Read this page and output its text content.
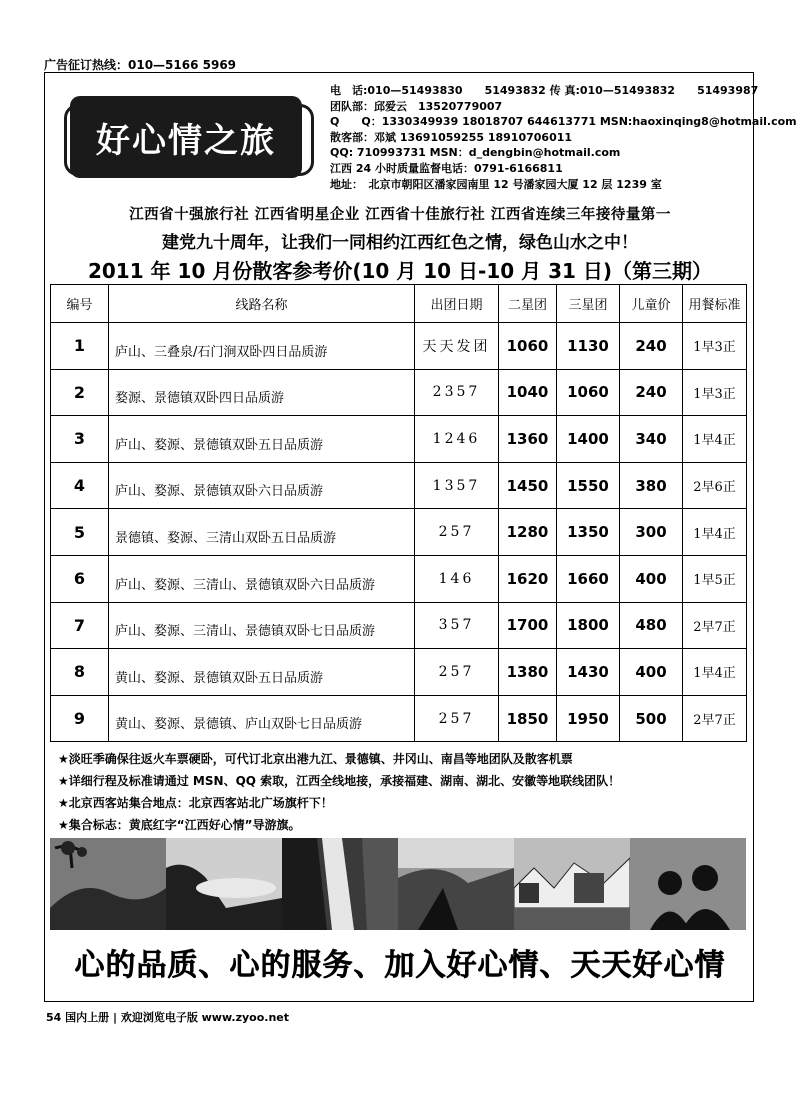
广告征订热线：010—5166 5969
好心情之旅
电　话:010—51493830　　51493832 传 真:010—51493832　　51493987
团队部：邱爱云　13520779007
Q　　Q：1330349939 18018707 644613771 MSN:haoxinqing8@hotmail.com
散客部：邓斌 13691059255 18910706011
QQ: 710993731 MSN：d_dengbin@hotmail.com
江西 24 小时质量监督电话：0791-6166811
地址：　北京市朝阳区潘家园南里 12 号潘家园大厦 12 层 1239 室
江西省十强旅行社 江西省明星企业 江西省十佳旅行社 江西省连续三年接待量第一
建党九十周年，让我们一同相约江西红色之情，绿色山水之中！
2011 年 10 月份散客参考价(10 月 10 日-10 月 31 日)（第三期）
编号	线路名称	出团日期	二星团	三星团	儿童价	用餐标准
1	庐山、三叠泉/石门涧双卧四日品质游	天天发团	1060	1130	240	1早3正
2	婺源、景德镇双卧四日品质游	2357	1040	1060	240	1早3正
3	庐山、婺源、景德镇双卧五日品质游	1246	1360	1400	340	1早4正
4	庐山、婺源、景德镇双卧六日品质游	1357	1450	1550	380	2早6正
5	景德镇、婺源、三清山双卧五日品质游	257	1280	1350	300	1早4正
6	庐山、婺源、三清山、景德镇双卧六日品质游	146	1620	1660	400	1早5正
7	庐山、婺源、三清山、景德镇双卧七日品质游	357	1700	1800	480	2早7正
8	黄山、婺源、景德镇双卧五日品质游	257	1380	1430	400	1早4正
9	黄山、婺源、景德镇、庐山双卧七日品质游	257	1850	1950	500	2早7正
★淡旺季确保往返火车票硬卧，可代订北京出港九江、景德镇、井冈山、南昌等地团队及散客机票
★详细行程及标准请通过 MSN、QQ 索取，江西全线地接，承接福建、湖南、湖北、安徽等地联线团队！
★北京西客站集合地点：北京西客站北广场旗杆下！
★集合标志：黄底红字“江西好心情”导游旗。
心的品质、心的服务、加入好心情、天天好心情
54 国内上册 | 欢迎浏览电子版 www.zyoo.net
